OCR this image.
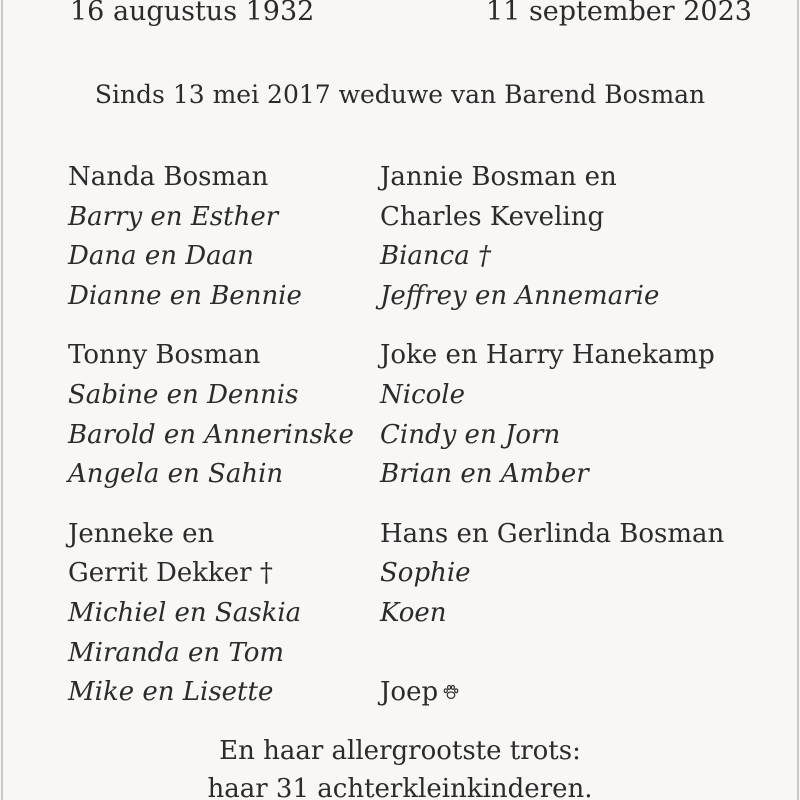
16 augustus 1932	11 september 2023
Sinds 13 mei 2017 weduwe van Barend Bosman
Nanda Bosman
Barry en Esther
Dana en Daan
Dianne en Bennie
Tonny Bosman
Sabine en Dennis
Barold en Annerinske
Angela en Sahin
Jenneke en
Gerrit Dekker †
Michiel en Saskia
Miranda en Tom
Mike en Lisette
Jannie Bosman en
Charles Keveling
Bianca †
Jeffrey en Annemarie
Joke en Harry Hanekamp
Nicole
Cindy en Jorn
Brian en Amber
Hans en Gerlinda Bosman
Sophie
Koen
Joep
En haar allergrootste trots:
haar 31 achterkleinkinderen.
